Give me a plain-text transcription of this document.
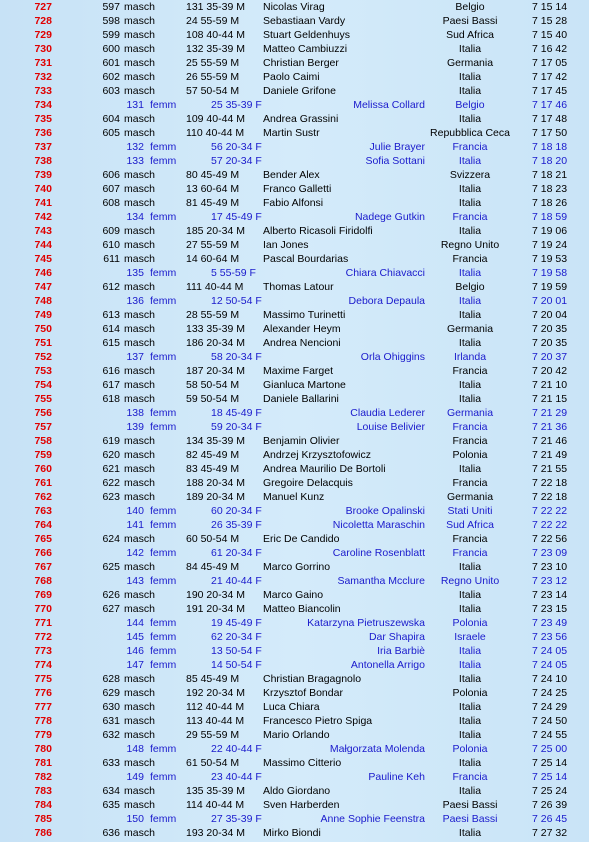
727	597 masch	131 35-39 M Nicolas Virag	Belgio	7 15 14
728	598 masch	24 55-59 M Sebastiaan Vardy	Paesi Bassi	7 15 28
729	599 masch	108 40-44 M Stuart Geldenhuys	Sud Africa	7 15 40
730	600 masch	132 35-39 M Matteo Cambiuzzi	Italia	7 16 42
731	601 masch	25 55-59 M Christian Berger	Germania	7 17 05
732	602 masch	26 55-59 M Paolo Caimi	Italia	7 17 42
733	603 masch	57 50-54 M Daniele Grifone	Italia	7 17 45
734	131 femm	25 35-39 F	Melissa Collard	Belgio	7 17 46
735	604 masch	109 40-44 M Andrea Grassini	Italia	7 17 48
736	605 masch	110 40-44 M Martin Sustr	Repubblica Ceca	7 17 50
737	132 femm	56 20-34 F	Julie Brayer	Francia	7 18 18
738	133 femm	57 20-34 F	Sofia Sottani	Italia	7 18 20
739	606 masch	80 45-49 M Bender Alex	Svizzera	7 18 21
740	607 masch	13 60-64 M Franco Galletti	Italia	7 18 23
741	608 masch	81 45-49 M Fabio Alfonsi	Italia	7 18 26
742	134 femm	17 45-49 F	Nadege Gutkin	Francia	7 18 59
743	609 masch	185 20-34 M Alberto Ricasoli Firidolfi	Italia	7 19 06
744	610 masch	27 55-59 M Ian Jones	Regno Unito	7 19 24
745	611 masch	14 60-64 M Pascal Bourdarias	Francia	7 19 53
746	135 femm	5 55-59 F	Chiara Chiavacci	Italia	7 19 58
747	612 masch	111 40-44 M Thomas Latour	Belgio	7 19 59
748	136 femm	12 50-54 F	Debora Depaula	Italia	7 20 01
749	613 masch	28 55-59 M Massimo Turinetti	Italia	7 20 04
750	614 masch	133 35-39 M Alexander Heym	Germania	7 20 35
751	615 masch	186 20-34 M Andrea Nencioni	Italia	7 20 35
752	137 femm	58 20-34 F	Orla Ohiggins	Irlanda	7 20 37
753	616 masch	187 20-34 M Maxime Farget	Francia	7 20 42
754	617 masch	58 50-54 M Gianluca Martone	Italia	7 21 10
755	618 masch	59 50-54 M Daniele Ballarini	Italia	7 21 15
756	138 femm	18 45-49 F	Claudia Lederer	Germania	7 21 29
757	139 femm	59 20-34 F	Louise Belivier	Francia	7 21 36
758	619 masch	134 35-39 M Benjamin Olivier	Francia	7 21 46
759	620 masch	82 45-49 M Andrzej Krzysztofowicz	Polonia	7 21 49
760	621 masch	83 45-49 M Andrea Maurilio De Bortoli	Italia	7 21 55
761	622 masch	188 20-34 M Gregoire Delacquis	Francia	7 22 18
762	623 masch	189 20-34 M Manuel Kunz	Germania	7 22 18
763	140 femm	60 20-34 F	Brooke Opalinski	Stati Uniti	7 22 22
764	141 femm	26 35-39 F	Nicoletta Maraschin	Sud Africa	7 22 22
765	624 masch	60 50-54 M Eric De Candido	Francia	7 22 56
766	142 femm	61 20-34 F	Caroline Rosenblatt	Francia	7 23 09
767	625 masch	84 45-49 M Marco Gorrino	Italia	7 23 10
768	143 femm	21 40-44 F	Samantha Mcclure	Regno Unito	7 23 12
769	626 masch	190 20-34 M Marco Gaino	Italia	7 23 14
770	627 masch	191 20-34 M Matteo Biancolin	Italia	7 23 15
771	144 femm	19 45-49 F	Katarzyna Pietruszewska	Polonia	7 23 49
772	145 femm	62 20-34 F	Dar Shapira	Israele	7 23 56
773	146 femm	13 50-54 F	Iria Barbiè	Italia	7 24 05
774	147 femm	14 50-54 F	Antonella Arrigo	Italia	7 24 05
775	628 masch	85 45-49 M Christian Bragagnolo	Italia	7 24 10
776	629 masch	192 20-34 M Krzysztof Bondar	Polonia	7 24 25
777	630 masch	112 40-44 M Luca Chiara	Italia	7 24 29
778	631 masch	113 40-44 M Francesco Pietro Spiga	Italia	7 24 50
779	632 masch	29 55-59 M Mario Orlando	Italia	7 24 55
780	148 femm	22 40-44 F	Małgorzata Molenda	Polonia	7 25 00
781	633 masch	61 50-54 M Massimo Citterio	Italia	7 25 14
782	149 femm	23 40-44 F	Pauline Keh	Francia	7 25 14
783	634 masch	135 35-39 M Aldo Giordano	Italia	7 25 24
784	635 masch	114 40-44 M Sven Harberden	Paesi Bassi	7 26 39
785	150 femm	27 35-39 F	Anne Sophie Feenstra	Paesi Bassi	7 26 45
786	636 masch	193 20-34 M Mirko Biondi	Italia	7 27 32
